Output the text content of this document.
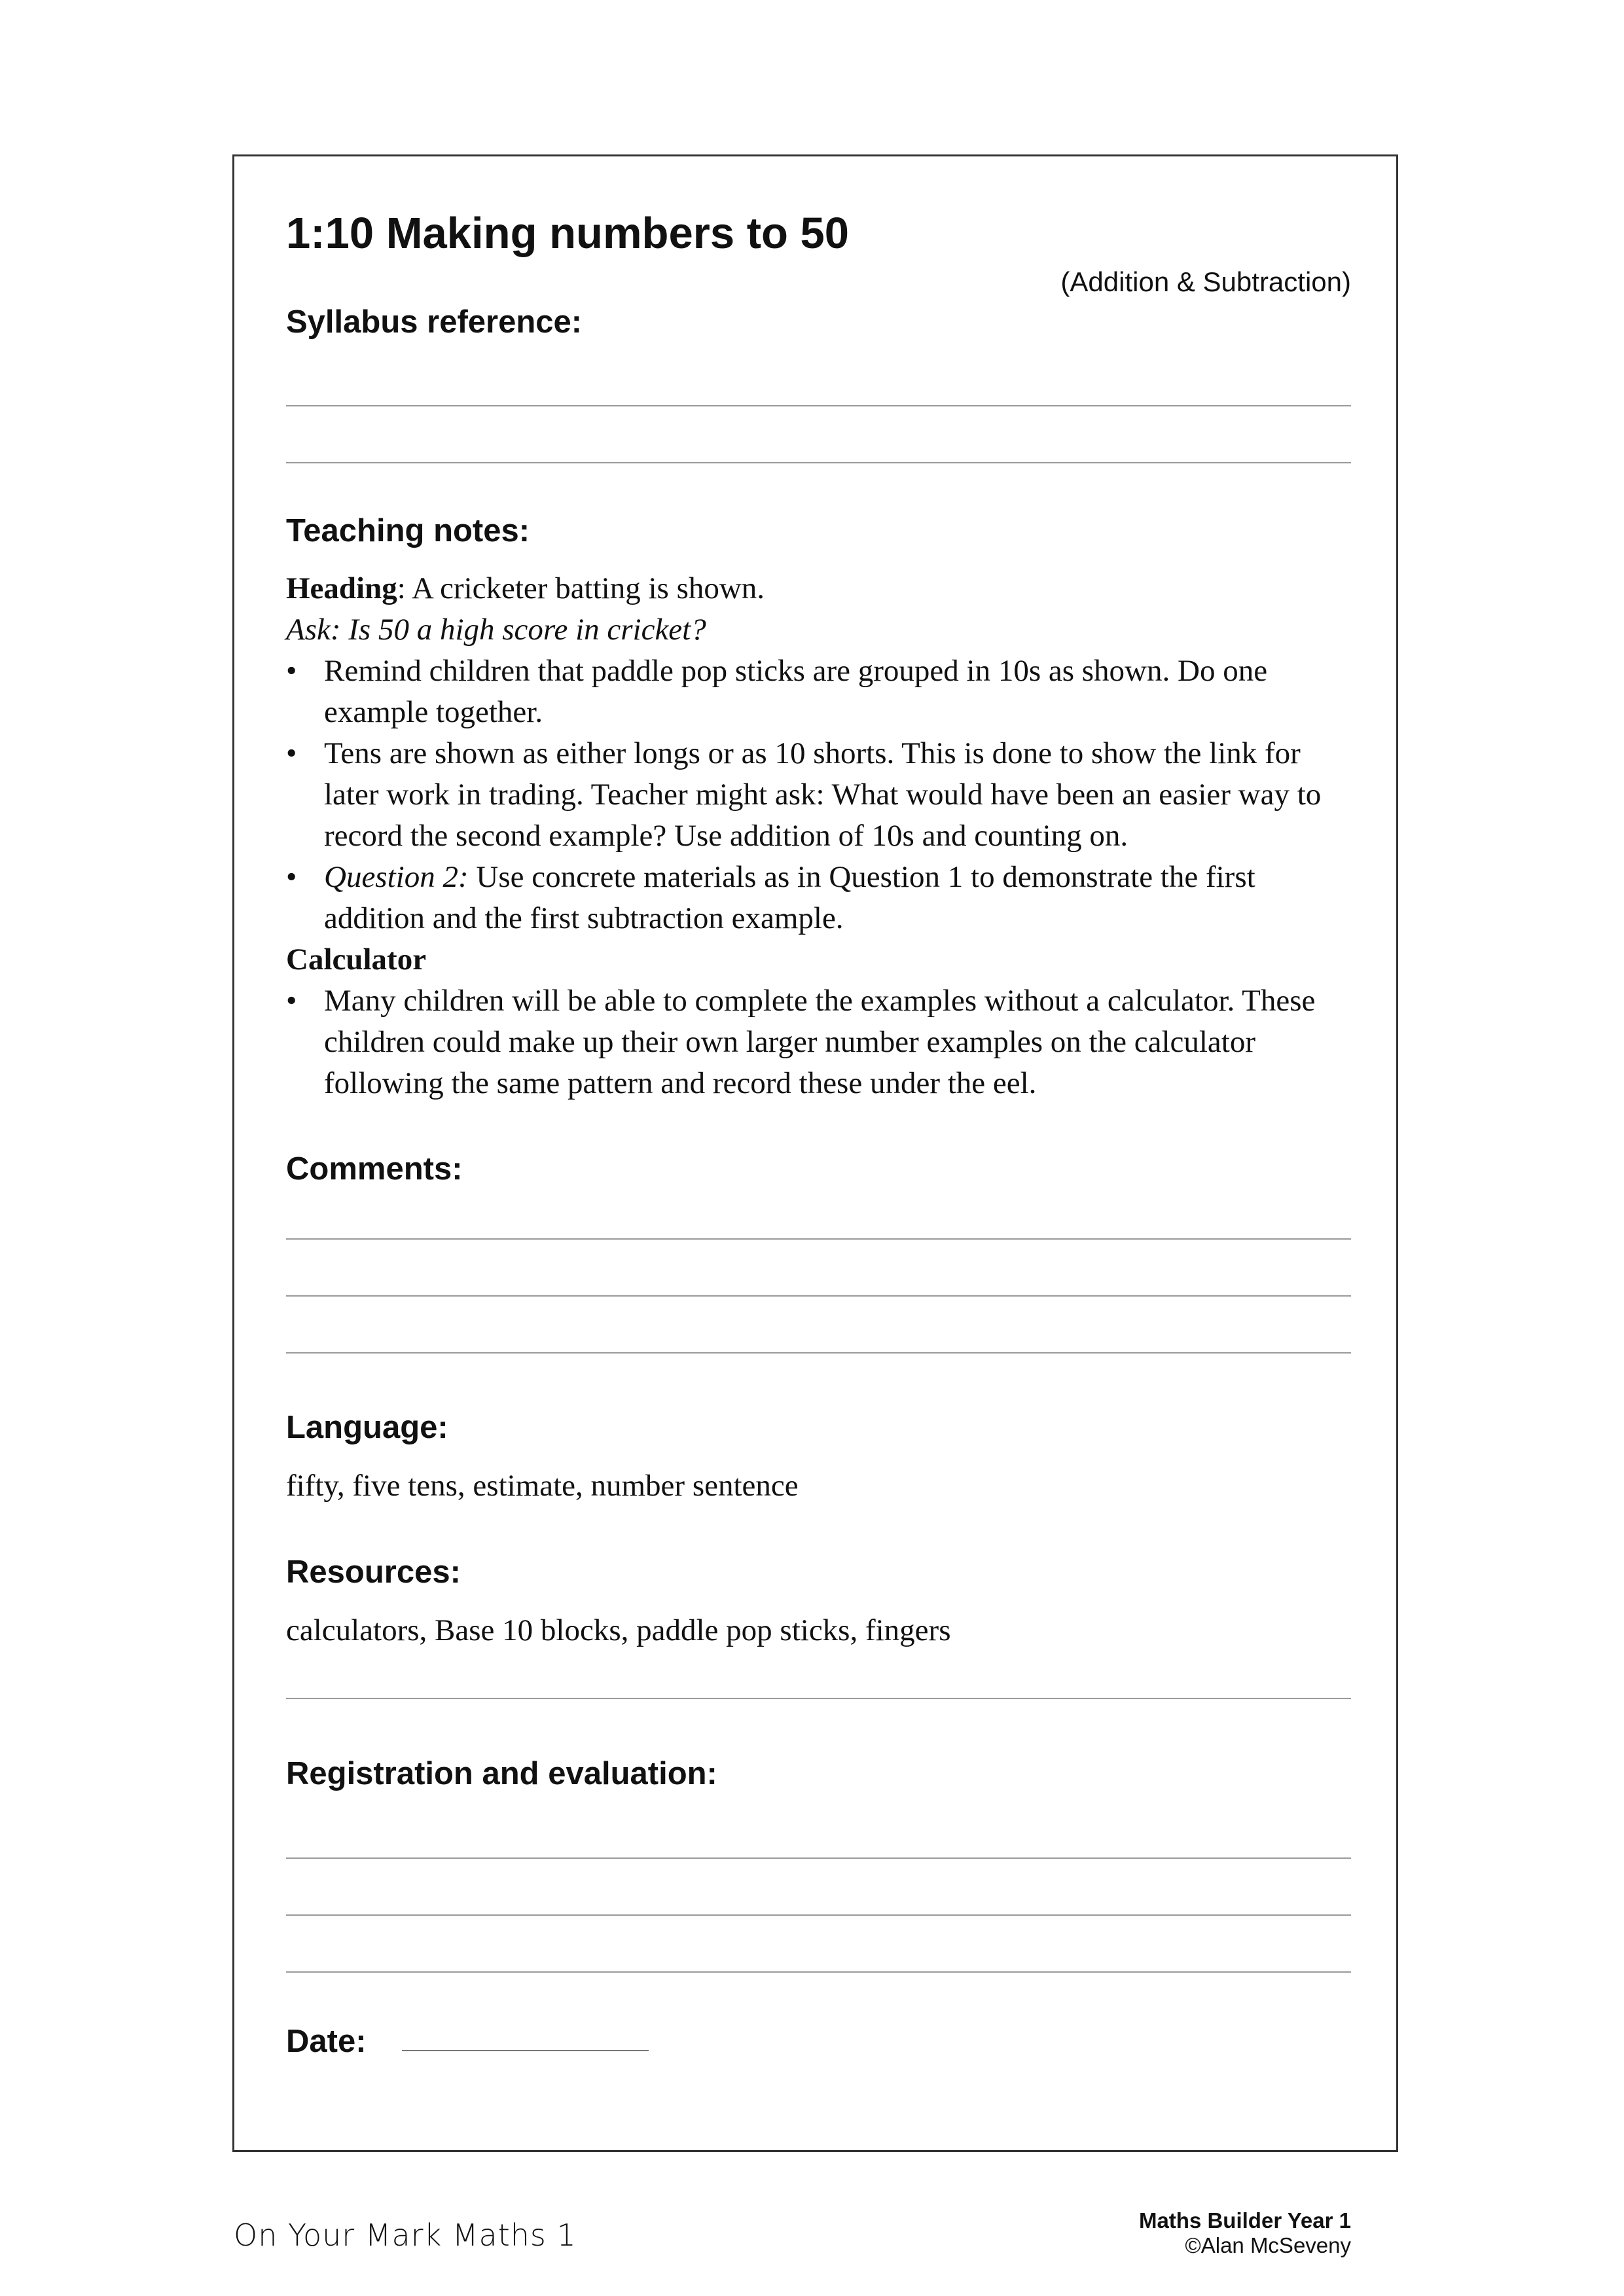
1:10 Making numbers to 50
(Addition & Subtraction)
Syllabus reference:
Teaching notes:

Heading: A cricketer batting is shown.

Ask: Is 50 a high score in cricket?

• Remind children that paddle pop sticks are grouped in 10s as shown. Do one example together.
• Tens are shown as either longs or as 10 shorts. This is done to show the link for later work in trading. Teacher might ask: What would have been an easier way to record the second example? Use addition of 10s and counting on.
• Question 2: Use concrete materials as in Question 1 to demonstrate the first addition and the first subtraction example.

Calculator

• Many children will be able to complete the examples without a calculator. These children could make up their own larger number examples on the calculator following the same pattern and record these under the eel.
Comments:
Language:
fifty, five tens, estimate, number sentence
Resources:
calculators, Base 10 blocks, paddle pop sticks, fingers
Registration and evaluation:
Date:
On Your Mark Maths 1	Maths Builder Year 1
©Alan McSeveny
